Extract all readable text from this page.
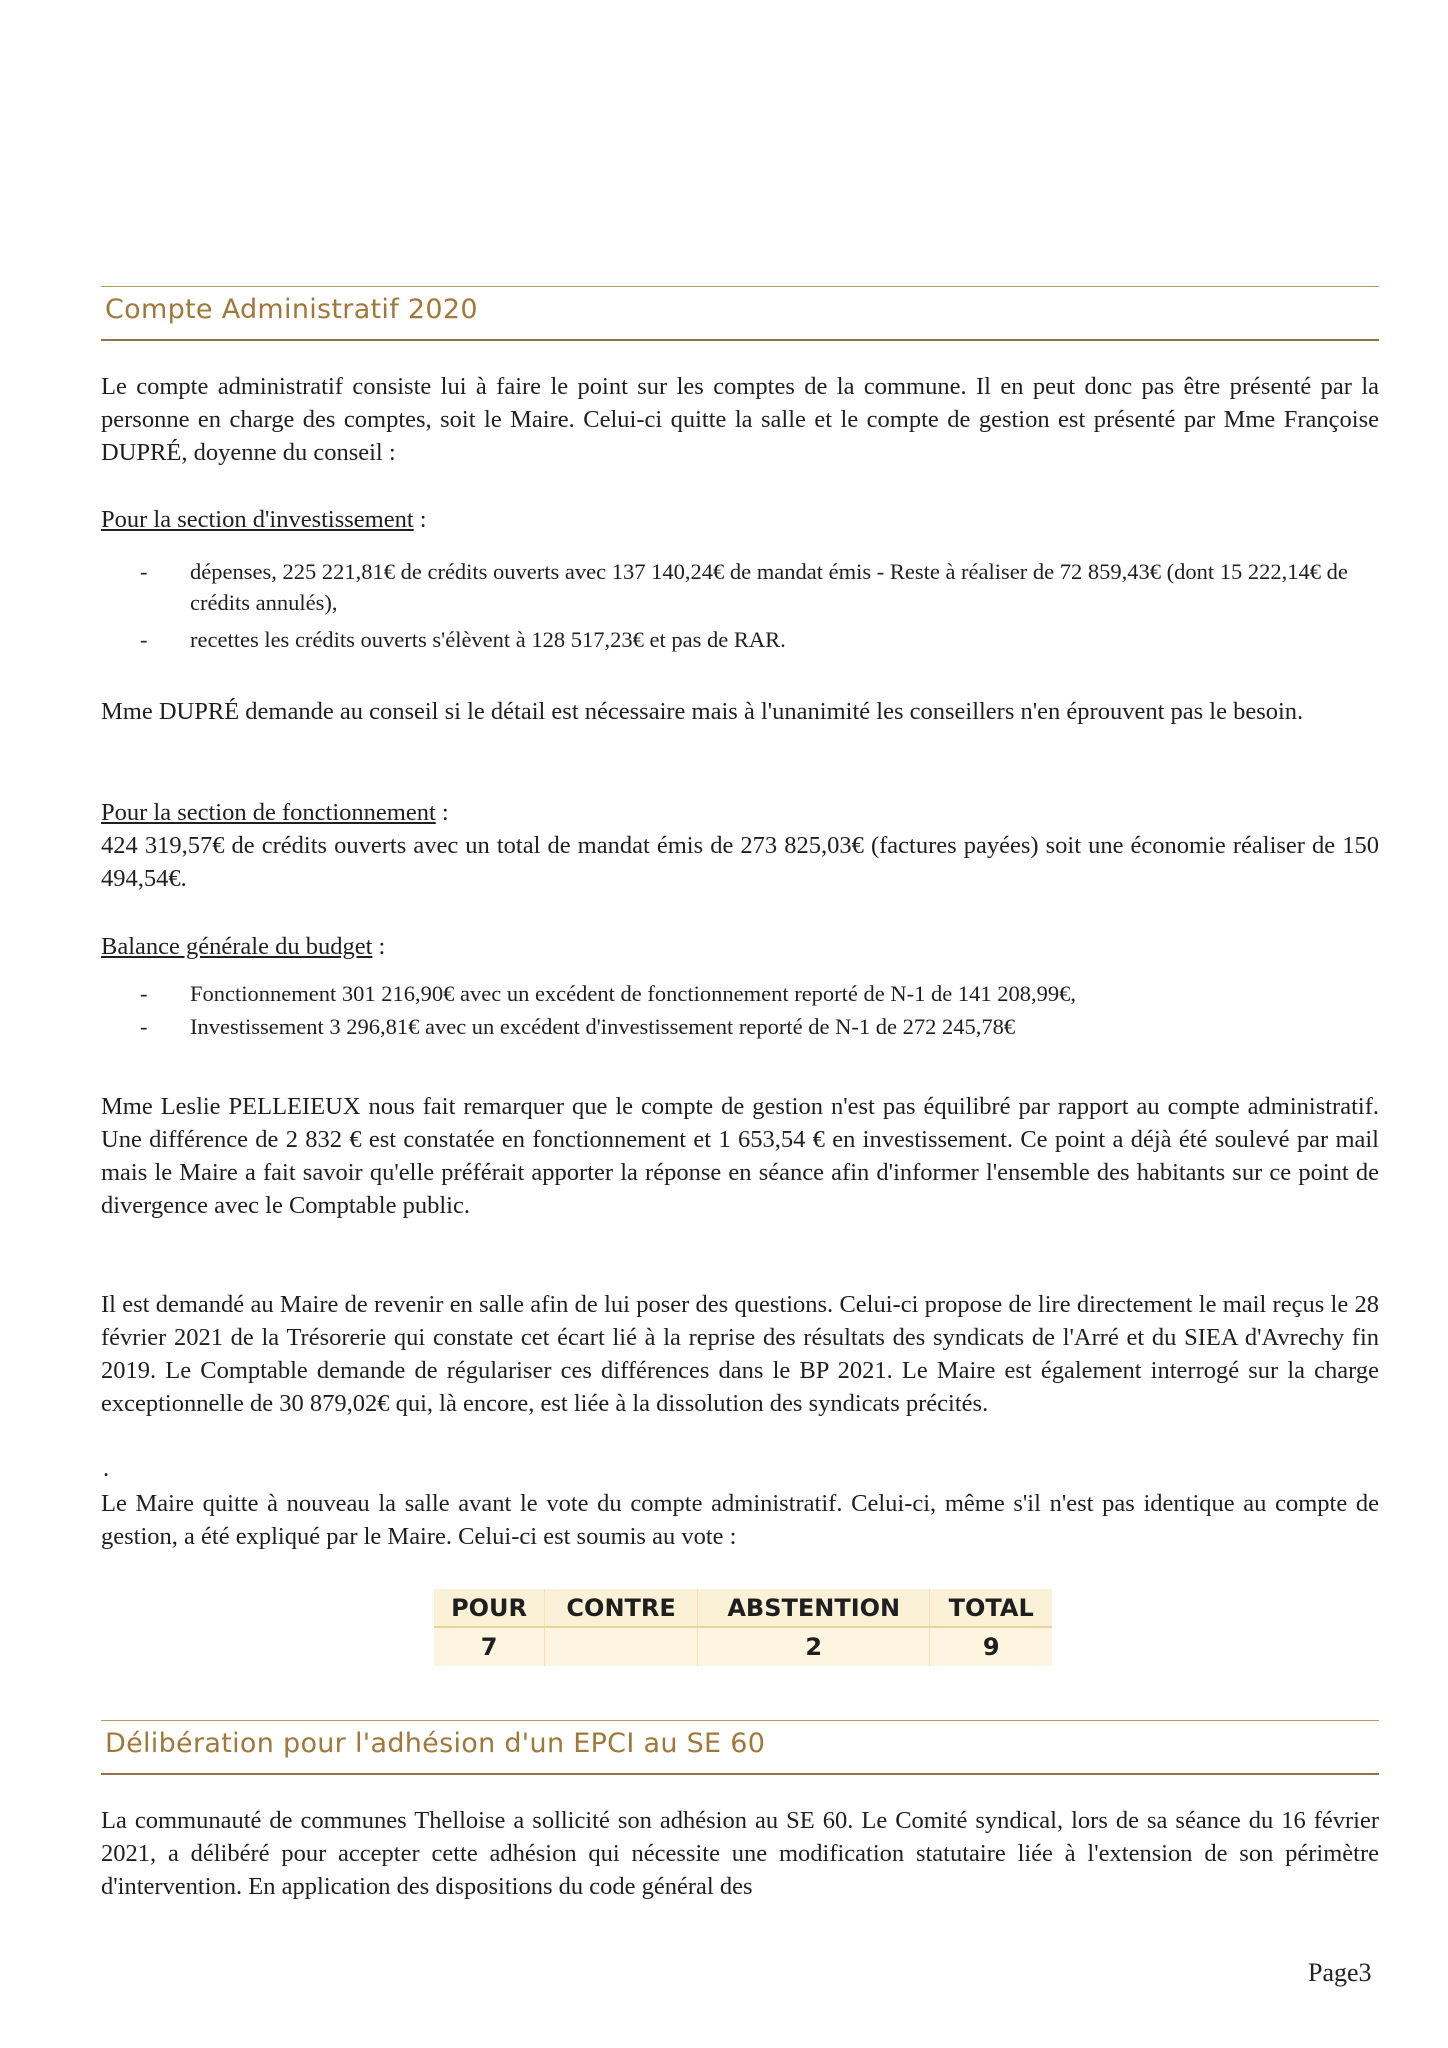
Compte Administratif 2020

Le compte administratif consiste lui à faire le point sur les comptes de la commune. Il en peut donc pas être présenté par la personne en charge des comptes, soit le Maire. Celui-ci quitte la salle et le compte de gestion est présenté par Mme Françoise DUPRÉ, doyenne du conseil :

Pour la section d'investissement :

- dépenses, 225 221,81€ de crédits ouverts avec 137 140,24€ de mandat émis - Reste à réaliser de 72 859,43€ (dont 15 222,14€ de crédits annulés),
- recettes les crédits ouverts s'élèvent à 128 517,23€ et pas de RAR.

Mme DUPRÉ demande au conseil si le détail est nécessaire mais à l'unanimité les conseillers n'en éprouvent pas le besoin.

Pour la section de fonctionnement :

424 319,57€ de crédits ouverts avec un total de mandat émis de 273 825,03€ (factures payées) soit une économie réaliser de 150 494,54€.

Balance générale du budget :

- Fonctionnement 301 216,90€ avec un excédent de fonctionnement reporté de N-1 de 141 208,99€,
- Investissement 3 296,81€ avec un excédent d'investissement reporté de N-1 de 272 245,78€

Mme Leslie PELLEIEUX nous fait remarquer que le compte de gestion n'est pas équilibré par rapport au compte administratif. Une différence de 2 832 € est constatée en fonctionnement et 1 653,54 € en investissement. Ce point a déjà été soulevé par mail mais le Maire a fait savoir qu'elle préférait apporter la réponse en séance afin d'informer l'ensemble des habitants sur ce point de divergence avec le Comptable public.

Il est demandé au Maire de revenir en salle afin de lui poser des questions. Celui-ci propose de lire directement le mail reçus le 28 février 2021 de la Trésorerie qui constate cet écart lié à la reprise des résultats des syndicats de l'Arré et du SIEA d'Avrechy fin 2019. Le Comptable demande de régulariser ces différences dans le BP 2021. Le Maire est également interrogé sur la charge exceptionnelle de 30 879,02€ qui, là encore, est liée à la dissolution des syndicats précités.

.

Le Maire quitte à nouveau la salle avant le vote du compte administratif. Celui-ci, même s'il n'est pas identique au compte de gestion, a été expliqué par le Maire. Celui-ci est soumis au vote :

POUR	CONTRE	ABSTENTION	TOTAL
7		2	9
Délibération pour l'adhésion d'un EPCI au SE 60

La communauté de communes Thelloise a sollicité son adhésion au SE 60. Le Comité syndical, lors de sa séance du 16 février 2021, a délibéré pour accepter cette adhésion qui nécessite une modification statutaire liée à l'extension de son périmètre d'intervention. En application des dispositions du code général des

Page3
